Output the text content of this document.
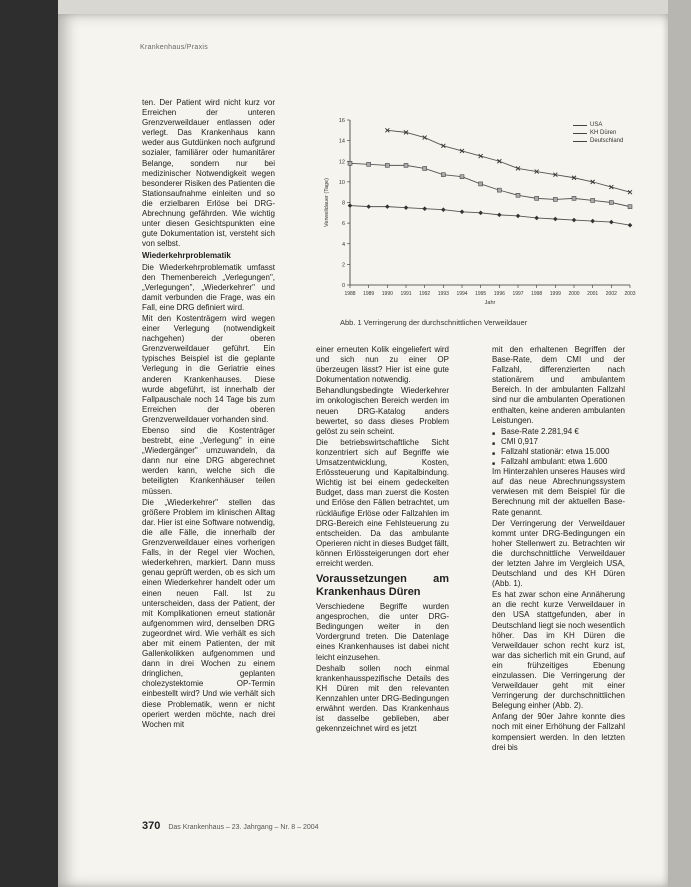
Krankenhaus/Praxis

ten. Der Patient wird nicht kurz vor Erreichen der unteren Grenzverweildauer entlassen oder verlegt. Das Krankenhaus kann weder aus Gutdünken noch aufgrund sozialer, familiärer oder humanitärer Belange, sondern nur bei medizinischer Notwendigkeit wegen besonderer Risiken des Patienten die Stationsaufnahme einleiten und so die erzielbaren Erlöse bei DRG-Abrechnung gefährden. Wie wichtig unter diesen Gesichtspunkten eine gute Dokumentation ist, versteht sich von selbst.

Wiederkehrproblematik

Die Wiederkehrproblematik umfasst den Themenbereich „Verlegungen", „Verlegungen", „Wiederkehrer" und damit verbunden die Frage, was ein Fall, eine DRG definiert wird.

Mit den Kostenträgern wird wegen einer Verlegung (notwendigkeit nachgehen) der oberen Grenzverweildauer geführt. Ein typisches Beispiel ist die geplante Verlegung in die Geriatrie eines anderen Krankenhauses. Diese wurde abgeführt, ist innerhalb der Fallpauschale noch 14 Tage bis zum Erreichen der oberen Grenzverweildauer vorhanden sind.

Ebenso sind die Kostenträger bestrebt, eine „Verlegung" in eine „Wiedergänger" umzuwandeln, da dann nur eine DRG abgerechnet werden kann, welche sich die beteiligten Krankenhäuser teilen müssen.

Die „Wiederkehrer" stellen das größere Problem im klinischen Alltag dar. Hier ist eine Software notwendig, die alle Fälle, die innerhalb der Grenzverweildauer eines vorherigen Falls, in der Regel vier Wochen, wiederkehren, markiert. Dann muss genau geprüft werden, ob es sich um einen Wiederkehrer handelt oder um einen neuen Fall. Ist zu unterscheiden, dass der Patient, der mit Komplikationen erneut stationär aufgenommen wird, denselben DRG zugeordnet wird. Wie verhält es sich aber mit einem Patienten, der mit Gallenkolikken aufgenommen und dann in drei Wochen zu einem dringlichen, geplanten cholezystektomie OP-Termin einbestellt wird? Und wie verhält sich diese Problematik, wenn er nicht operiert werden möchte, nach drei Wochen mit

einer erneuten Kolik eingeliefert wird und sich nun zu einer OP überzeugen lässt? Hier ist eine gute Dokumentation notwendig.

Behandlungsbedingte Wiederkehrer im onkologischen Bereich werden im neuen DRG-Katalog anders bewertet, so dass dieses Problem gelöst zu sein scheint.

Die betriebswirtschaftliche Sicht konzentriert sich auf Begriffe wie Umsatzentwicklung, Kosten, Erlössteuerung und Kapitalbindung. Wichtig ist bei einem gedeckelten Budget, dass man zuerst die Kosten und Erlöse den Fällen betrachtet, um rückläufige Erlöse oder Fallzahlen im DRG-Bereich eine Fehlsteuerung zu entscheiden. Da das ambulante Operieren nicht in dieses Budget fällt, können Erlössteigerungen dort eher erreicht werden.

Voraussetzungen am Krankenhaus Düren

Verschiedene Begriffe wurden angesprochen, die unter DRG-Bedingungen weiter in den Vordergrund treten. Die Datenlage eines Krankenhauses ist dabei nicht leicht einzusehen.

Deshalb sollen noch einmal krankenhausspezifische Details des KH Düren mit den relevanten Kennzahlen unter DRG-Bedingungen erwähnt werden. Das Krankenhaus ist dasselbe geblieben, aber gekennzeichnet wird es jetzt

mit den erhaltenen Begriffen der Base-Rate, dem CMI und der Fallzahl, differenzierten nach stationärem und ambulantem Bereich. In der ambulanten Fallzahl sind nur die ambulanten Operationen enthalten, keine anderen ambulanten Leistungen.

■ Base-Rate 2.281,94 €
■ CMI 0,917
■ Fallzahl stationär: etwa 15.000
■ Fallzahl ambulant: etwa 1.600

Im Hinterzahlen unseres Hauses wird auf das neue Abrechnungssystem verwiesen mit dem Beispiel für die Berechnung mit der aktuellen Base-Rate genannt.

Der Verringerung der Verweildauer kommt unter DRG-Bedingungen ein hoher Stellenwert zu. Betrachten wir die durchschnittliche Verweildauer der letzten Jahre im Vergleich USA, Deutschland und des KH Düren (Abb. 1).

Es hat zwar schon eine Annäherung an die recht kurze Verweildauer in den USA stattgefunden, aber in Deutschland liegt sie noch wesentlich höher. Das im KH Düren die Verweildauer schon recht kurz ist, war das sicherlich mit ein Grund, auf ein frühzeitiges Ebenung einzulassen. Die Verringerung der Verweildauer geht mit einer Verringerung der durchschnittlichen Belegung einher (Abb. 2).

Anfang der 90er Jahre konnte dies noch mit einer Erhöhung der Fallzahl kompensiert werden. In den letzten drei bis

0
2
4
6
8
10
12
14
16
1988 1989 1990 1991 1992 1993 1994 1995 1996 1997 1998 1999 2000 2001 2002 2003
Jahr
Verweildauer (Tage)
USA
KH Düren
Deutschland
Abb. 1 Verringerung der durchschnittlichen Verweildauer
370 Das Krankenhaus – 23. Jahrgang – Nr. 8 – 2004
